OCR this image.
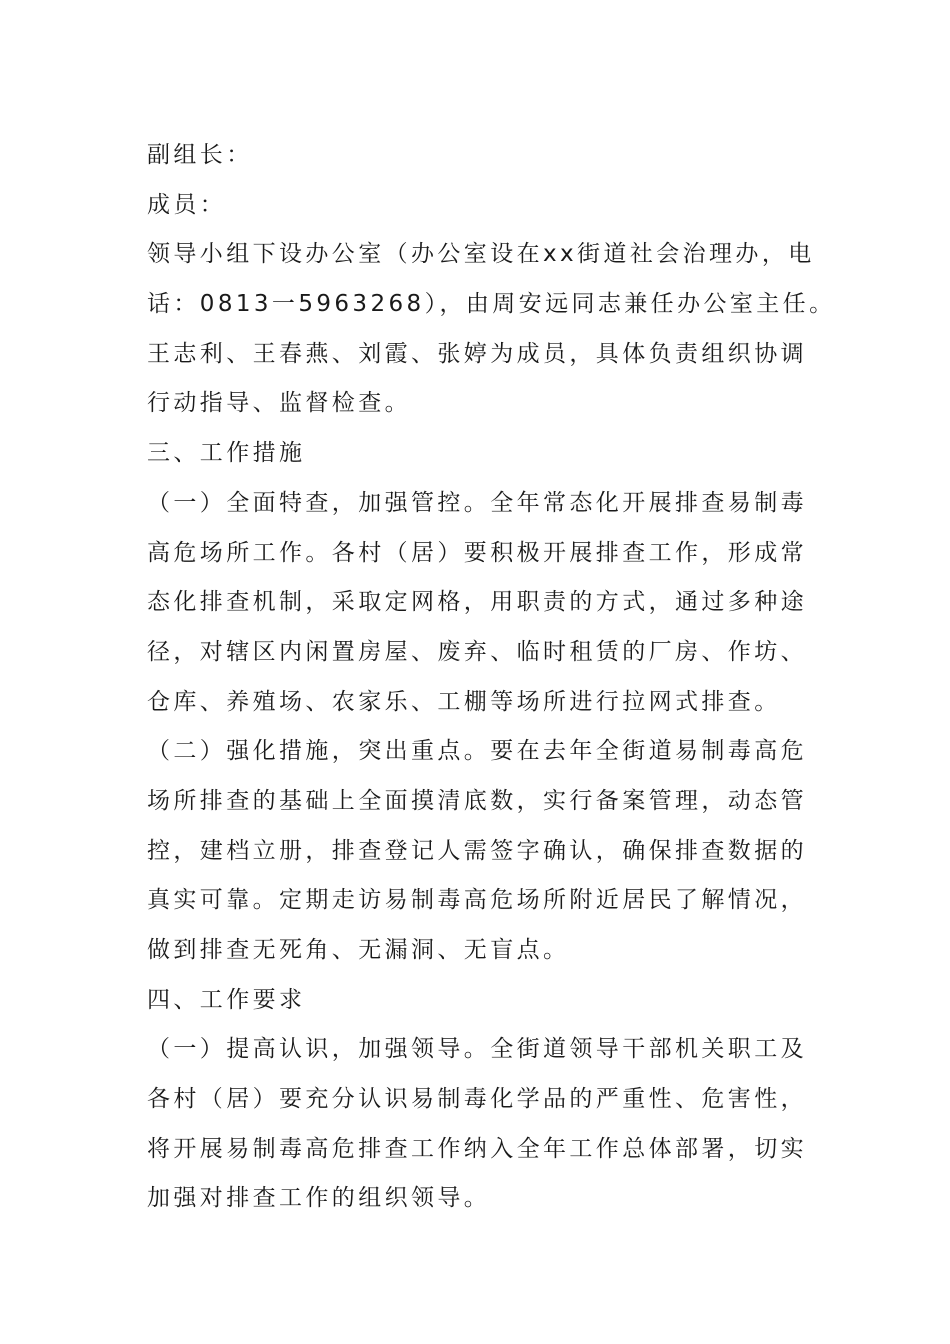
副组长：
成员：
领导小组下设办公室（办公室设在xx街道社会治理办，电
话：0813一5963268），由周安远同志兼任办公室主任。
王志利、王春燕、刘霞、张婷为成员，具体负责组织协调
行动指导、监督检查。
三、工作措施
（一）全面特查，加强管控。全年常态化开展排查易制毒
高危场所工作。各村（居）要积极开展排查工作，形成常
态化排查机制，采取定网格，用职责的方式，通过多种途
径，对辖区内闲置房屋、废弃、临时租赁的厂房、作坊、
仓库、养殖场、农家乐、工棚等场所进行拉网式排查。
（二）强化措施，突出重点。要在去年全街道易制毒高危
场所排查的基础上全面摸清底数，实行备案管理，动态管
控，建档立册，排查登记人需签字确认，确保排查数据的
真实可靠。定期走访易制毒高危场所附近居民了解情况，
做到排查无死角、无漏洞、无盲点。
四、工作要求
（一）提高认识，加强领导。全街道领导干部机关职工及
各村（居）要充分认识易制毒化学品的严重性、危害性，
将开展易制毒高危排查工作纳入全年工作总体部署，切实
加强对排查工作的组织领导。
